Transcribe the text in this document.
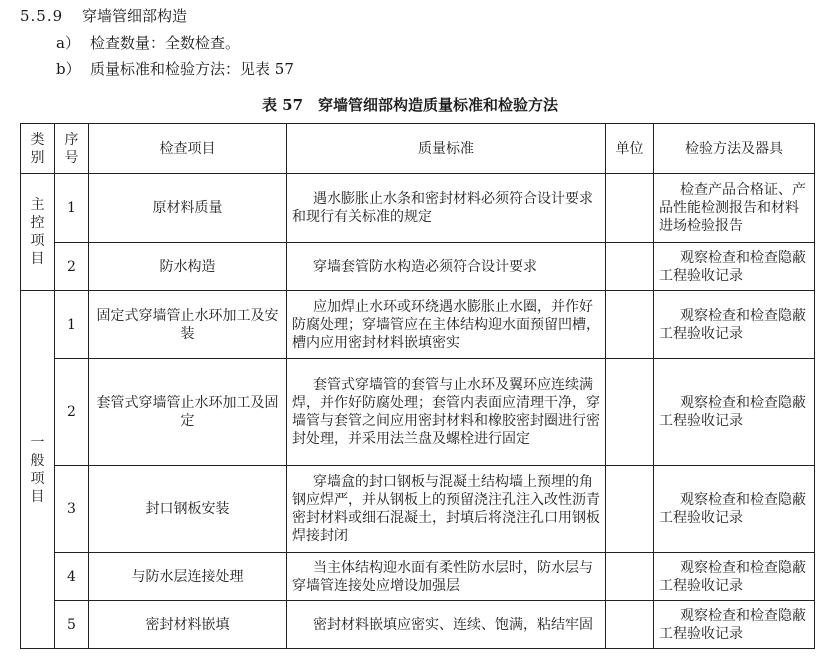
5.5.9 穿墙管细部构造
a） 检查数量：全数检查。
b） 质量标准和检验方法：见表 57
表 57　穿墙管细部构造质量标准和检验方法
类别	序号	检查项目	质量标准	单位	检验方法及器具
主控项目	1	原材料质量	遇水膨胀止水条和密封材料必须符合设计要求和现行有关标准的规定		检查产品合格证、产品性能检测报告和材料进场检验报告

	2	防水构造	穿墙套管防水构造必须符合设计要求		观察检查和检查隐蔽工程验收记录

一般项目	1	固定式穿墙管止水环加工及安装	应加焊止水环或环绕遇水膨胀止水圈，并作好防腐处理；穿墙管应在主体结构迎水面预留凹槽，槽内应用密封材料嵌填密实		观察检查和检查隐蔽工程验收记录

	2	套管式穿墙管止水环加工及固定	套管式穿墙管的套管与止水环及翼环应连续满焊，并作好防腐处理；套管内表面应清理干净，穿墙管与套管之间应用密封材料和橡胶密封圈进行密封处理，并采用法兰盘及螺栓进行固定		观察检查和检查隐蔽工程验收记录

	3	封口钢板安装	穿墙盒的封口钢板与混凝土结构墙上预埋的角钢应焊严，并从钢板上的预留浇注孔注入改性沥青密封材料或细石混凝土，封填后将浇注孔口用钢板焊接封闭		观察检查和检查隐蔽工程验收记录

	4	与防水层连接处理	当主体结构迎水面有柔性防水层时，防水层与穿墙管连接处应增设加强层		观察检查和检查隐蔽工程验收记录

	5	密封材料嵌填	密封材料嵌填应密实、连续、饱满，粘结牢固		观察检查和检查隐蔽工程验收记录
